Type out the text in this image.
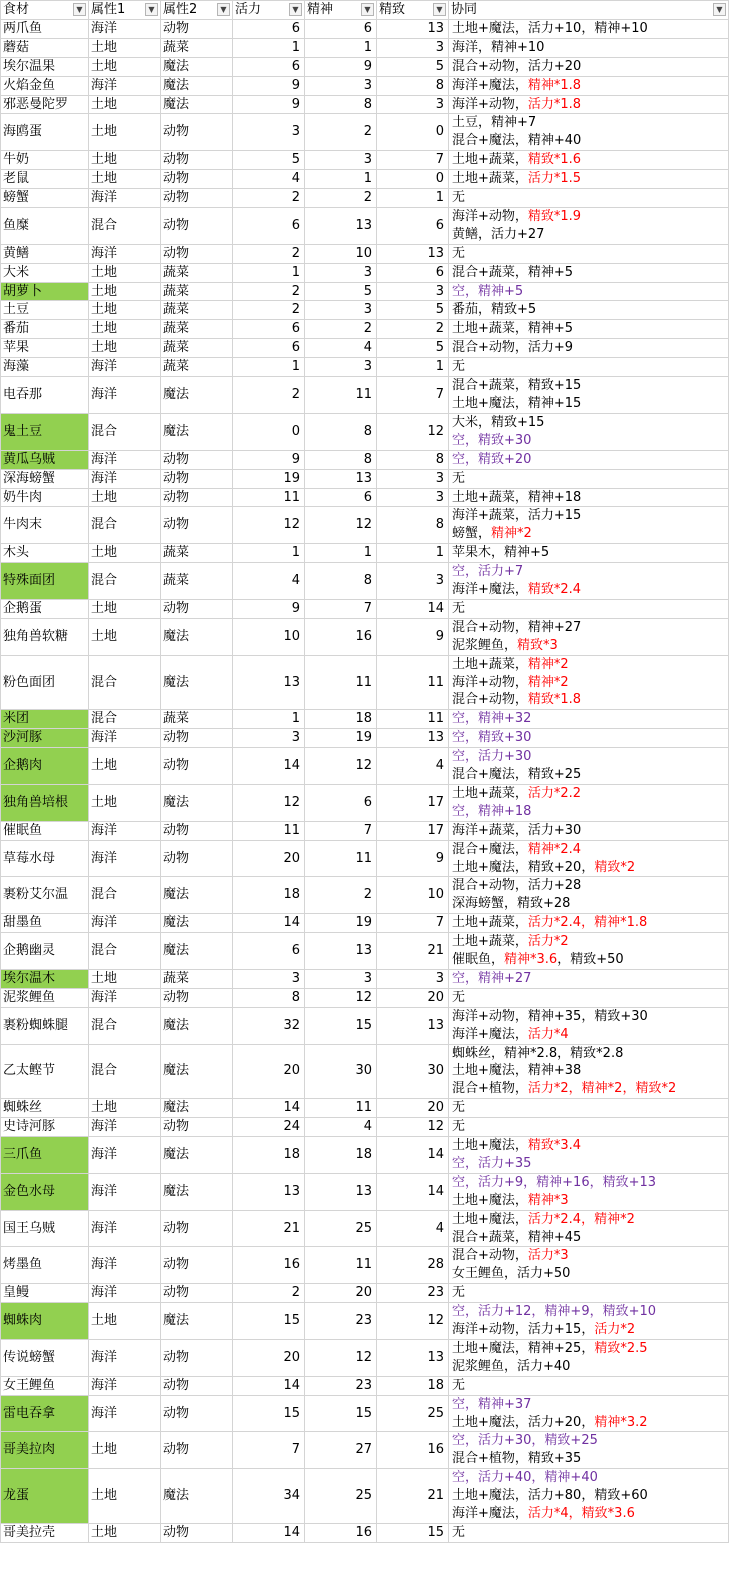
食材 ▼	属性1 ▼	属性2 ▼	活力 ▼	精神 ▼	精致 ▼	协同 ▼

两爪鱼	海洋	动物	6	6	13	土地+魔法，活力+10，精神+10

蘑菇	土地	蔬菜	1	1	3	海洋，精神+10

埃尔温果	土地	魔法	6	9	5	混合+动物，活力+20

火焰金鱼	海洋	魔法	9	3	8	海洋+魔法，精神*1.8

邪恶曼陀罗	土地	魔法	9	8	3	海洋+动物，活力*1.8

海鸥蛋	土地	动物	3	2	0	土豆，精神+7
混合+魔法，精神+40

牛奶	土地	动物	5	3	7	土地+蔬菜，精致*1.6

老鼠	土地	动物	4	1	0	土地+蔬菜，活力*1.5

螃蟹	海洋	动物	2	2	1	无

鱼糜	混合	动物	6	13	6	海洋+动物，精致*1.9
黄鳝，活力+27

黄鳝	海洋	动物	2	10	13	无

大米	土地	蔬菜	1	3	6	混合+蔬菜，精神+5

胡萝卜	土地	蔬菜	2	5	3	空，精神+5

土豆	土地	蔬菜	2	3	5	番茄，精致+5

番茄	土地	蔬菜	6	2	2	土地+蔬菜，精神+5

苹果	土地	蔬菜	6	4	5	混合+动物，活力+9

海藻	海洋	蔬菜	1	3	1	无

电吞那	海洋	魔法	2	11	7	混合+蔬菜，精致+15
土地+魔法，精神+15

鬼土豆	混合	魔法	0	8	12	大米，精致+15
空，精致+30

黄瓜乌贼	海洋	动物	9	8	8	空，精致+20

深海螃蟹	海洋	动物	19	13	3	无

奶牛肉	土地	动物	11	6	3	土地+蔬菜，精神+18

牛肉末	混合	动物	12	12	8	海洋+蔬菜，活力+15
螃蟹，精神*2

木头	土地	蔬菜	1	1	1	苹果木，精神+5

特殊面团	混合	蔬菜	4	8	3	空，活力+7
海洋+魔法，精致*2.4

企鹅蛋	土地	动物	9	7	14	无

独角兽软糖	土地	魔法	10	16	9	混合+动物，精神+27
泥浆鲤鱼，精致*3

粉色面团	混合	魔法	13	11	11	土地+蔬菜，精神*2
海洋+动物，精神*2
混合+动物，精致*1.8

米团	混合	蔬菜	1	18	11	空，精神+32

沙河豚	海洋	动物	3	19	13	空，精致+30

企鹅肉	土地	动物	14	12	4	空，活力+30
混合+魔法，精致+25

独角兽培根	土地	魔法	12	6	17	土地+蔬菜，活力*2.2
空，精神+18

催眠鱼	海洋	动物	11	7	17	海洋+蔬菜，活力+30

草莓水母	海洋	动物	20	11	9	混合+魔法，精神*2.4
土地+魔法，精致+20，精致*2

裹粉艾尔温	混合	魔法	18	2	10	混合+动物，活力+28
深海螃蟹，精致+28

甜墨鱼	海洋	魔法	14	19	7	土地+蔬菜，活力*2.4，精神*1.8

企鹅幽灵	混合	魔法	6	13	21	土地+蔬菜，活力*2
催眠鱼，精神*3.6，精致+50

埃尔温木	土地	蔬菜	3	3	3	空，精神+27

泥浆鲤鱼	海洋	动物	8	12	20	无

裹粉蜘蛛腿	混合	魔法	32	15	13	海洋+动物，精神+35，精致+30
海洋+魔法，活力*4

乙太鲣节	混合	魔法	20	30	30	蜘蛛丝，精神*2.8，精致*2.8
土地+魔法，精神+38
混合+植物，活力*2，精神*2，精致*2

蜘蛛丝	土地	魔法	14	11	20	无

史诗河豚	海洋	动物	24	4	12	无

三爪鱼	海洋	魔法	18	18	14	土地+魔法，精致*3.4
空，活力+35

金色水母	海洋	魔法	13	13	14	空，活力+9，精神+16，精致+13
土地+魔法，精神*3

国王乌贼	海洋	动物	21	25	4	土地+魔法，活力*2.4，精神*2
混合+蔬菜，精神+45

烤墨鱼	海洋	动物	16	11	28	混合+动物，活力*3
女王鲤鱼，活力+50

皇鳗	海洋	动物	2	20	23	无

蜘蛛肉	土地	魔法	15	23	12	空，活力+12，精神+9，精致+10
海洋+动物，活力+15，活力*2

传说螃蟹	海洋	动物	20	12	13	土地+魔法，精神+25，精致*2.5
泥浆鲤鱼，活力+40

女王鲤鱼	海洋	动物	14	23	18	无

雷电吞拿	海洋	动物	15	15	25	空，精神+37
土地+魔法，活力+20，精神*3.2

哥美拉肉	土地	动物	7	27	16	空，活力+30，精致+25
混合+植物，精致+35

龙蛋	土地	魔法	34	25	21	空，活力+40，精神+40
土地+魔法，活力+80，精致+60
海洋+魔法，活力*4，精致*3.6

哥美拉壳	土地	动物	14	16	15	无
